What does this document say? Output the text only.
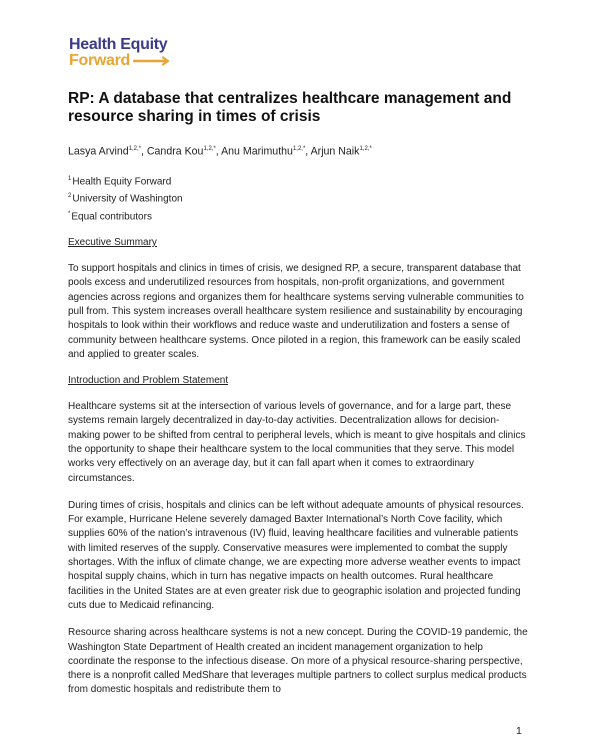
Health Equity
Forward
RP: A database that centralizes healthcare management and resource sharing in times of crisis
Lasya Arvind$^{1,2,*}$, Candra Kou$^{1,2,*}$, Anu Marimuthu$^{1,2,*}$, Arjun Naik$^{1,2,*}$
$^1$Health Equity Forward
$^2$University of Washington
*Equal contributors
Executive Summary

To support hospitals and clinics in times of crisis, we designed RP, a secure, transparent database that pools excess and underutilized resources from hospitals, non-profit organizations, and government agencies across regions and organizes them for healthcare systems serving vulnerable communities to pull from. This system increases overall healthcare system resilience and sustainability by encouraging hospitals to look within their workflows and reduce waste and underutilization and fosters a sense of community between healthcare systems. Once piloted in a region, this framework can be easily scaled and applied to greater scales.

Introduction and Problem Statement

Healthcare systems sit at the intersection of various levels of governance, and for a large part, these systems remain largely decentralized in day-to-day activities. Decentralization allows for decision-making power to be shifted from central to peripheral levels, which is meant to give hospitals and clinics the opportunity to shape their healthcare system to the local communities that they serve. This model works very effectively on an average day, but it can fall apart when it comes to extraordinary circumstances.

During times of crisis, hospitals and clinics can be left without adequate amounts of physical resources. For example, Hurricane Helene severely damaged Baxter International’s North Cove facility, which supplies 60% of the nation’s intravenous (IV) fluid, leaving healthcare facilities and vulnerable patients with limited reserves of the supply. Conservative measures were implemented to combat the supply shortages. With the influx of climate change, we are expecting more adverse weather events to impact hospital supply chains, which in turn has negative impacts on health outcomes. Rural healthcare facilities in the United States are at even greater risk due to geographic isolation and projected funding cuts due to Medicaid refinancing.

Resource sharing across healthcare systems is not a new concept. During the COVID-19 pandemic, the Washington State Department of Health created an incident management organization to help coordinate the response to the infectious disease. On more of a physical resource-sharing perspective, there is a nonprofit called MedShare that leverages multiple partners to collect surplus medical products from domestic hospitals and redistribute them to

1
